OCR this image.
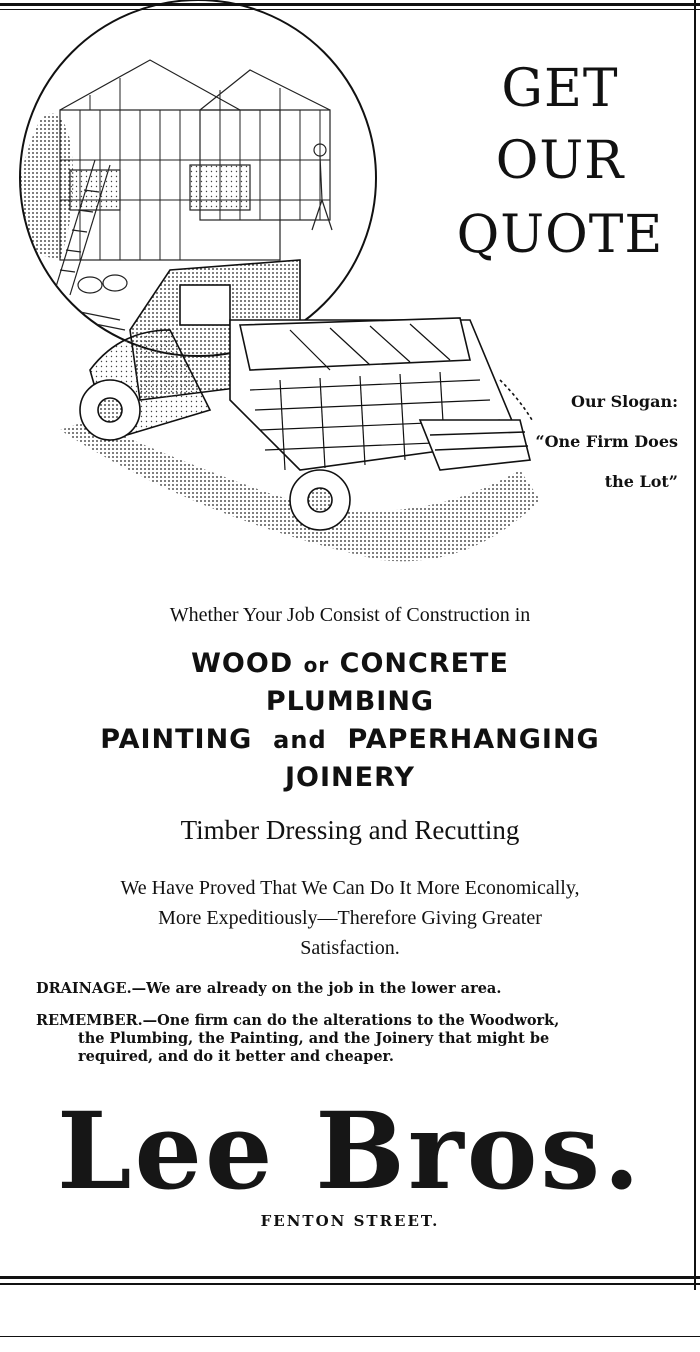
GET
OUR
QUOTE
Our Slogan:
“One Firm Does
the Lot”
Whether Your Job Consist of Construction in
WOOD or CONCRETE
PLUMBING
PAINTING and PAPERHANGING
JOINERY
Timber Dressing and Recutting
We Have Proved That We Can Do It More Economically,
More Expeditiously—Therefore Giving Greater
Satisfaction.
DRAINAGE.—We are already on the job in the lower area.
REMEMBER.—One firm can do the alterations to the Woodwork,
the Plumbing, the Painting, and the Joinery that might be
required, and do it better and cheaper.
Lee Bros.
FENTON STREET.
